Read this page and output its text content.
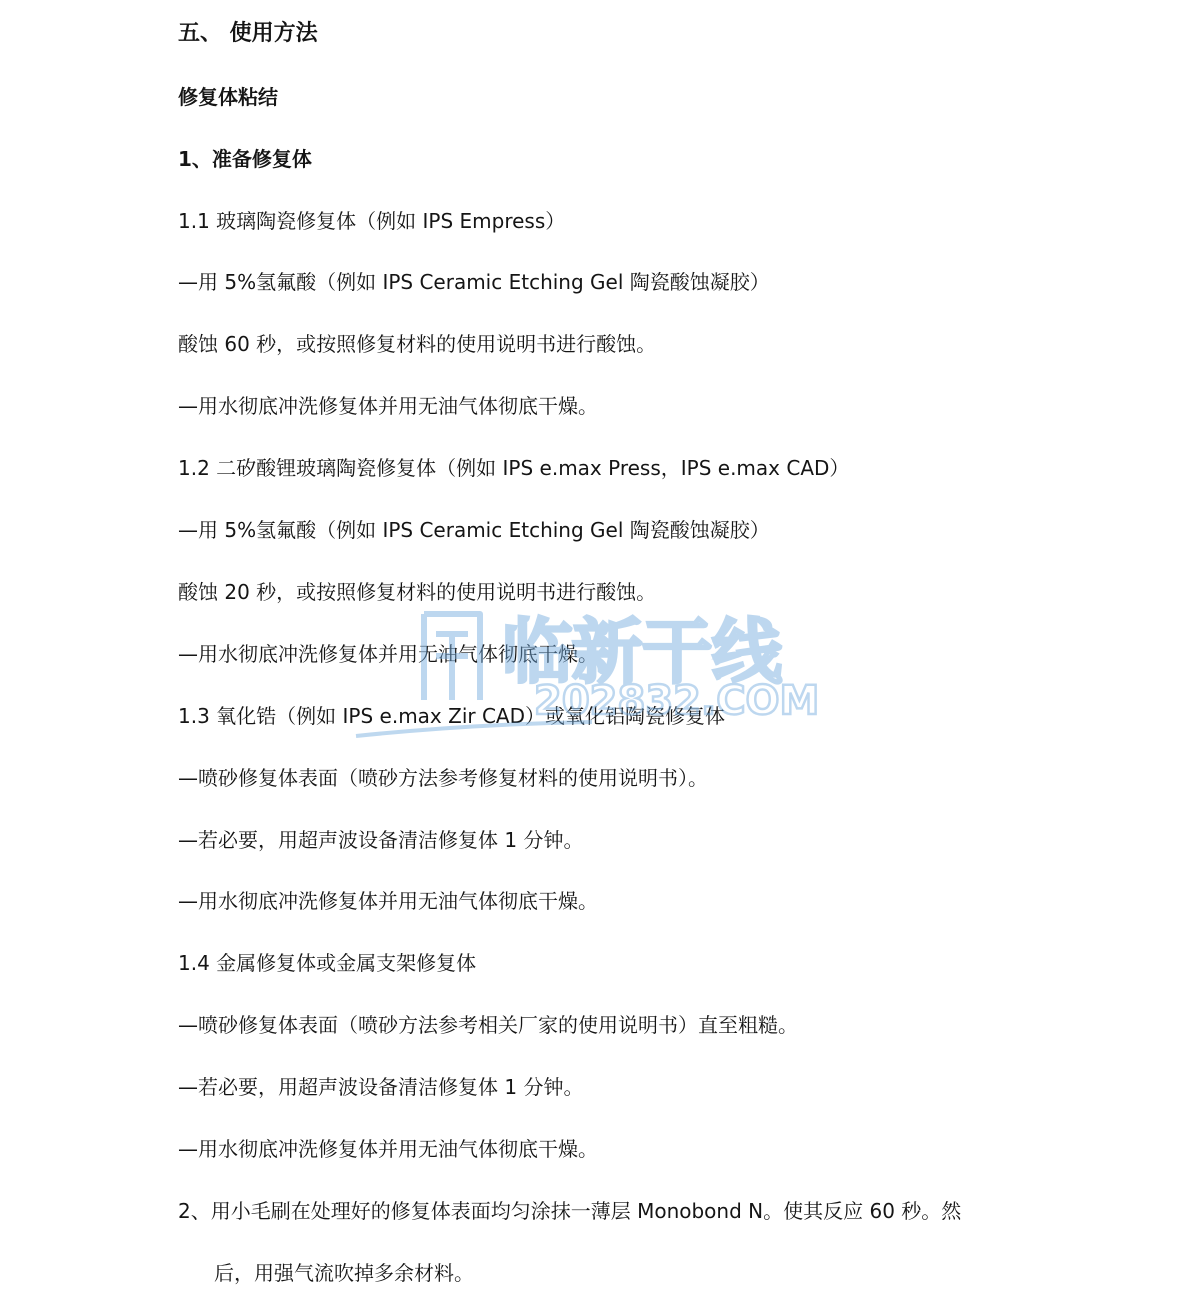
五、 使用方法
修复体粘结
1、准备修复体
1.1 玻璃陶瓷修复体（例如 IPS Empress）
—用 5%氢氟酸（例如 IPS Ceramic Etching Gel 陶瓷酸蚀凝胶）
酸蚀 60 秒，或按照修复材料的使用说明书进行酸蚀。
—用水彻底冲洗修复体并用无油气体彻底干燥。
1.2 二矽酸锂玻璃陶瓷修复体（例如 IPS e.max Press，IPS e.max CAD）
—用 5%氢氟酸（例如 IPS Ceramic Etching Gel 陶瓷酸蚀凝胶）
酸蚀 20 秒，或按照修复材料的使用说明书进行酸蚀。
—用水彻底冲洗修复体并用无油气体彻底干燥。
1.3 氧化锆（例如 IPS e.max Zir CAD）或氧化铝陶瓷修复体
—喷砂修复体表面（喷砂方法参考修复材料的使用说明书）。
—若必要，用超声波设备清洁修复体 1 分钟。
—用水彻底冲洗修复体并用无油气体彻底干燥。
1.4 金属修复体或金属支架修复体
—喷砂修复体表面（喷砂方法参考相关厂家的使用说明书）直至粗糙。
—若必要，用超声波设备清洁修复体 1 分钟。
—用水彻底冲洗修复体并用无油气体彻底干燥。
2、用小毛刷在处理好的修复体表面均匀涂抹一薄层 Monobond N。使其反应 60 秒。然
后，用强气流吹掉多余材料。
临新干线
202832.COM
